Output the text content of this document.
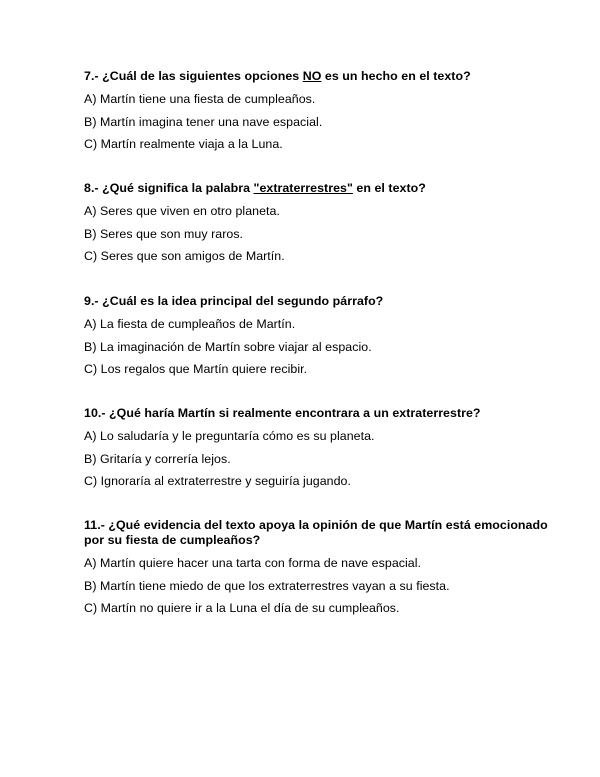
7.- ¿Cuál de las siguientes opciones NO es un hecho en el texto?

A) Martín tiene una fiesta de cumpleaños.

B) Martín imagina tener una nave espacial.

C) Martín realmente viaja a la Luna.

8.- ¿Qué significa la palabra "extraterrestres" en el texto?

A) Seres que viven en otro planeta.

B) Seres que son muy raros.

C) Seres que son amigos de Martín.

9.- ¿Cuál es la idea principal del segundo párrafo?

A) La fiesta de cumpleaños de Martín.

B) La imaginación de Martín sobre viajar al espacio.

C) Los regalos que Martín quiere recibir.

10.- ¿Qué haría Martín si realmente encontrara a un extraterrestre?

A) Lo saludaría y le preguntaría cómo es su planeta.

B) Gritaría y correría lejos.

C) Ignoraría al extraterrestre y seguiría jugando.

11.- ¿Qué evidencia del texto apoya la opinión de que Martín está emocionado por su fiesta de cumpleaños?

A) Martín quiere hacer una tarta con forma de nave espacial.

B) Martín tiene miedo de que los extraterrestres vayan a su fiesta.

C) Martín no quiere ir a la Luna el día de su cumpleaños.
